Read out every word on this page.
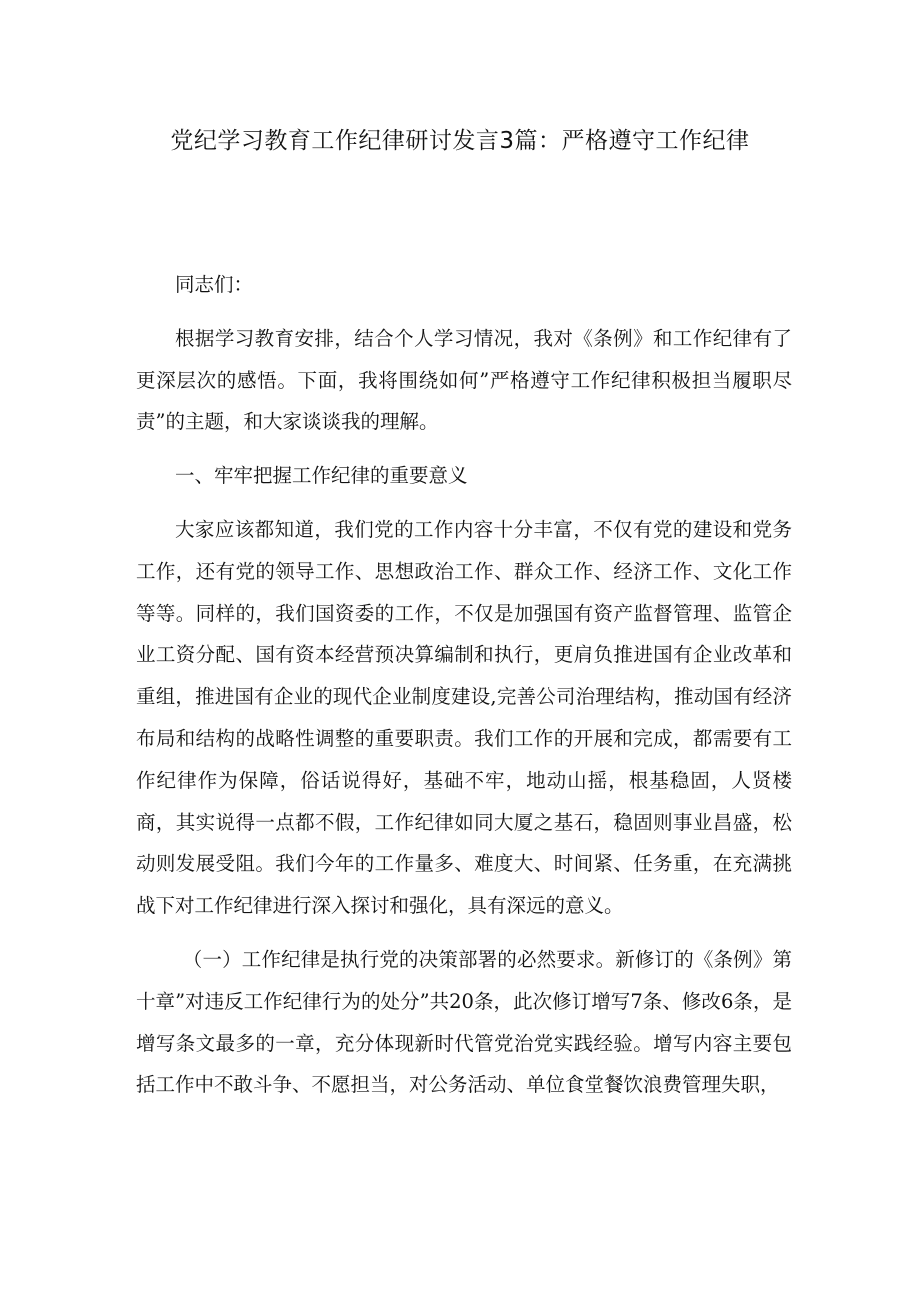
党纪学习教育工作纪律研讨发言3篇：严格遵守工作纪律

同志们：

根据学习教育安排，结合个人学习情况，我对《条例》和工作纪律有了更深层次的感悟。下面，我将围绕如何”严格遵守工作纪律积极担当履职尽责”的主题，和大家谈谈我的理解。

一、牢牢把握工作纪律的重要意义

大家应该都知道，我们党的工作内容十分丰富，不仅有党的建设和党务工作，还有党的领导工作、思想政治工作、群众工作、经济工作、文化工作等等。同样的，我们国资委的工作，不仅是加强国有资产监督管理、监管企业工资分配、国有资本经营预决算编制和执行，更肩负推进国有企业改革和重组，推进国有企业的现代企业制度建设,完善公司治理结构，推动国有经济布局和结构的战略性调整的重要职责。我们工作的开展和完成，都需要有工作纪律作为保障，俗话说得好，基础不牢，地动山摇，根基稳固，人贤楼商，其实说得一点都不假，工作纪律如同大厦之基石，稳固则事业昌盛，松动则发展受阻。我们今年的工作量多、难度大、时间紧、任务重，在充满挑战下对工作纪律进行深入探讨和强化，具有深远的意义。

（一）工作纪律是执行党的决策部署的必然要求。新修订的《条例》第十章”对违反工作纪律行为的处分”共20条，此次修订增写7条、修改6条，是增写条文最多的一章，充分体现新时代管党治党实践经验。增写内容主要包括工作中不敢斗争、不愿担当，对公务活动、单位食堂餐饮浪费管理失职，
